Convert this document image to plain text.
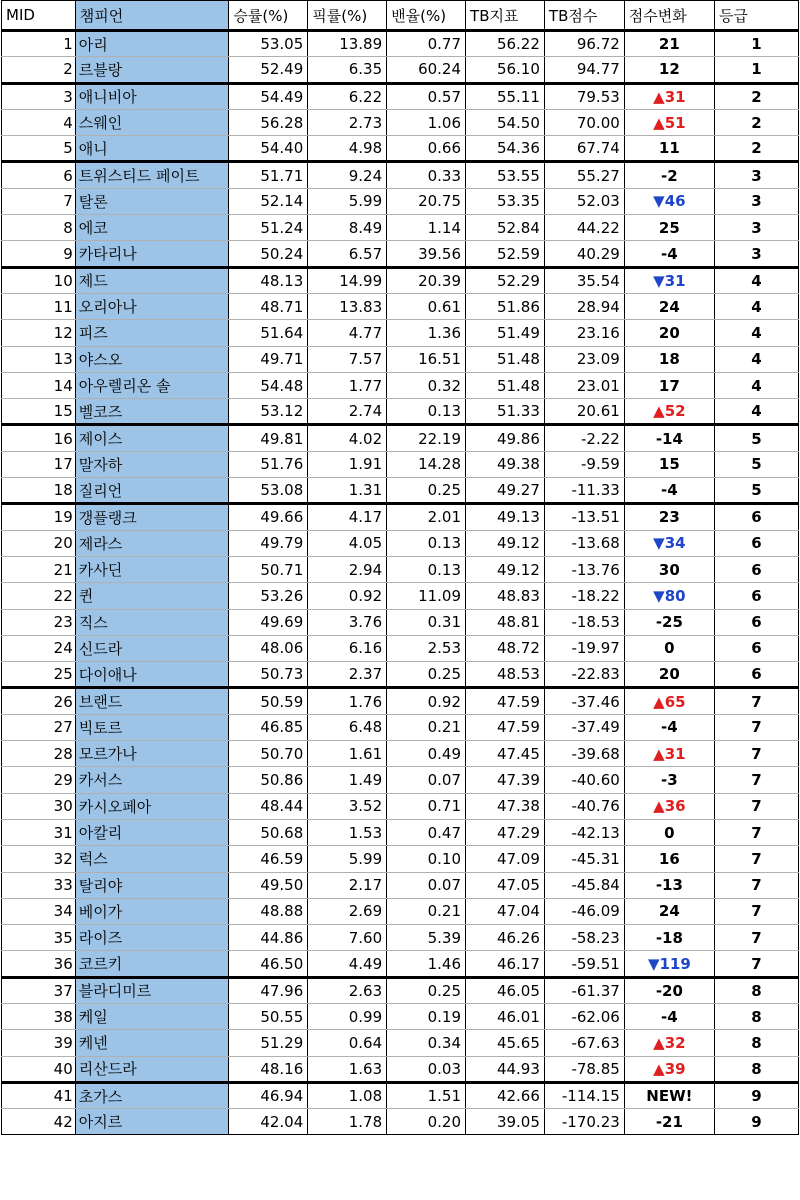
MID	챔피언	승률(%)	픽률(%)	밴율(%)	TB지표	TB점수	점수변화	등급
1	아리	53.05	13.89	0.77	56.22	96.72	21	1
2	르블랑	52.49	6.35	60.24	56.10	94.77	12	1
3	애니비아	54.49	6.22	0.57	55.11	79.53	▲31	2
4	스웨인	56.28	2.73	1.06	54.50	70.00	▲51	2
5	애니	54.40	4.98	0.66	54.36	67.74	11	2
6	트위스티드 페이트	51.71	9.24	0.33	53.55	55.27	-2	3
7	탈론	52.14	5.99	20.75	53.35	52.03	▼46	3
8	에코	51.24	8.49	1.14	52.84	44.22	25	3
9	카타리나	50.24	6.57	39.56	52.59	40.29	-4	3
10	제드	48.13	14.99	20.39	52.29	35.54	▼31	4
11	오리아나	48.71	13.83	0.61	51.86	28.94	24	4
12	피즈	51.64	4.77	1.36	51.49	23.16	20	4
13	야스오	49.71	7.57	16.51	51.48	23.09	18	4
14	아우렐리온 솔	54.48	1.77	0.32	51.48	23.01	17	4
15	벨코즈	53.12	2.74	0.13	51.33	20.61	▲52	4
16	제이스	49.81	4.02	22.19	49.86	-2.22	-14	5
17	말자하	51.76	1.91	14.28	49.38	-9.59	15	5
18	질리언	53.08	1.31	0.25	49.27	-11.33	-4	5
19	갱플랭크	49.66	4.17	2.01	49.13	-13.51	23	6
20	제라스	49.79	4.05	0.13	49.12	-13.68	▼34	6
21	카사딘	50.71	2.94	0.13	49.12	-13.76	30	6
22	퀸	53.26	0.92	11.09	48.83	-18.22	▼80	6
23	직스	49.69	3.76	0.31	48.81	-18.53	-25	6
24	신드라	48.06	6.16	2.53	48.72	-19.97	0	6
25	다이애나	50.73	2.37	0.25	48.53	-22.83	20	6
26	브랜드	50.59	1.76	0.92	47.59	-37.46	▲65	7
27	빅토르	46.85	6.48	0.21	47.59	-37.49	-4	7
28	모르가나	50.70	1.61	0.49	47.45	-39.68	▲31	7
29	카서스	50.86	1.49	0.07	47.39	-40.60	-3	7
30	카시오페아	48.44	3.52	0.71	47.38	-40.76	▲36	7
31	아칼리	50.68	1.53	0.47	47.29	-42.13	0	7
32	럭스	46.59	5.99	0.10	47.09	-45.31	16	7
33	탈리야	49.50	2.17	0.07	47.05	-45.84	-13	7
34	베이가	48.88	2.69	0.21	47.04	-46.09	24	7
35	라이즈	44.86	7.60	5.39	46.26	-58.23	-18	7
36	코르키	46.50	4.49	1.46	46.17	-59.51	▼119	7
37	블라디미르	47.96	2.63	0.25	46.05	-61.37	-20	8
38	케일	50.55	0.99	0.19	46.01	-62.06	-4	8
39	케넨	51.29	0.64	0.34	45.65	-67.63	▲32	8
40	리산드라	48.16	1.63	0.03	44.93	-78.85	▲39	8
41	초가스	46.94	1.08	1.51	42.66	-114.15	NEW!	9
42	아지르	42.04	1.78	0.20	39.05	-170.23	-21	9
